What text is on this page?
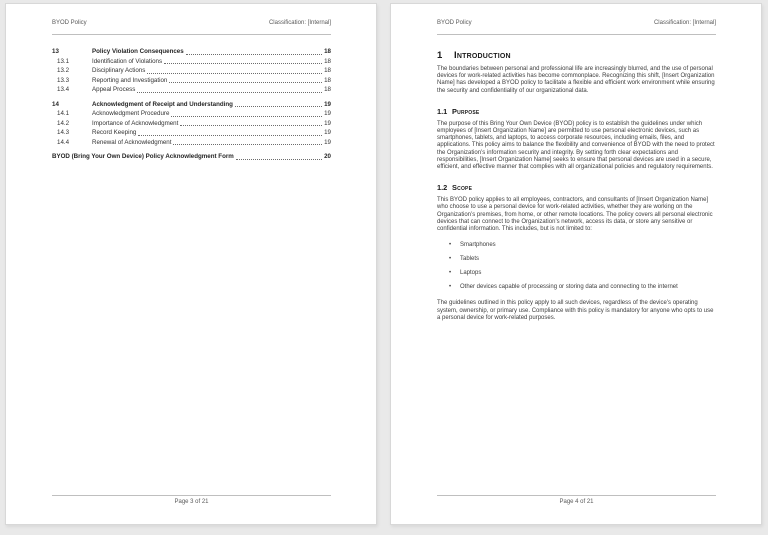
BYOD Policy	Classification: [Internal]
13	Policy Violation Consequences	18
13.1	Identification of Violations	18
13.2	Disciplinary Actions	18
13.3	Reporting and Investigation	18
13.4	Appeal Process	18
14	Acknowledgment of Receipt and Understanding	19
14.1	Acknowledgment Procedure	19
14.2	Importance of Acknowledgment	19
14.3	Record Keeping	19
14.4	Renewal of Acknowledgment	19
BYOD (Bring Your Own Device) Policy Acknowledgment Form	20
Page 3 of 21
BYOD Policy	Classification: [Internal]
1	Introduction

The boundaries between personal and professional life are increasingly blurred, and the use of personal devices for work-related activities has become commonplace. Recognizing this shift, [Insert Organization Name] has developed a BYOD policy to facilitate a flexible and efficient work environment while ensuring the security and confidentiality of our organizational data.

1.1 Purpose

The purpose of this Bring Your Own Device (BYOD) policy is to establish the guidelines under which employees of [Insert Organization Name] are permitted to use personal electronic devices, such as smartphones, tablets, and laptops, to access corporate resources, including emails, files, and applications. This policy aims to balance the flexibility and convenience of BYOD with the need to protect the Organization’s information security and integrity. By setting forth clear expectations and responsibilities, [Insert Organization Name] seeks to ensure that personal devices are used in a secure, efficient, and effective manner that complies with all organizational policies and regulatory requirements.

1.2 Scope

This BYOD policy applies to all employees, contractors, and consultants of [Insert Organization Name] who choose to use a personal device for work-related activities, whether they are working on the Organization’s premises, from home, or other remote locations. The policy covers all personal electronic devices that can connect to the Organization’s network, access its data, or store any sensitive or confidential information. This includes, but is not limited to:

• Smartphones
• Tablets
• Laptops
• Other devices capable of processing or storing data and connecting to the internet

The guidelines outlined in this policy apply to all such devices, regardless of the device’s operating system, ownership, or primary use. Compliance with this policy is mandatory for anyone who opts to use a personal device for work-related purposes.

Page 4 of 21
